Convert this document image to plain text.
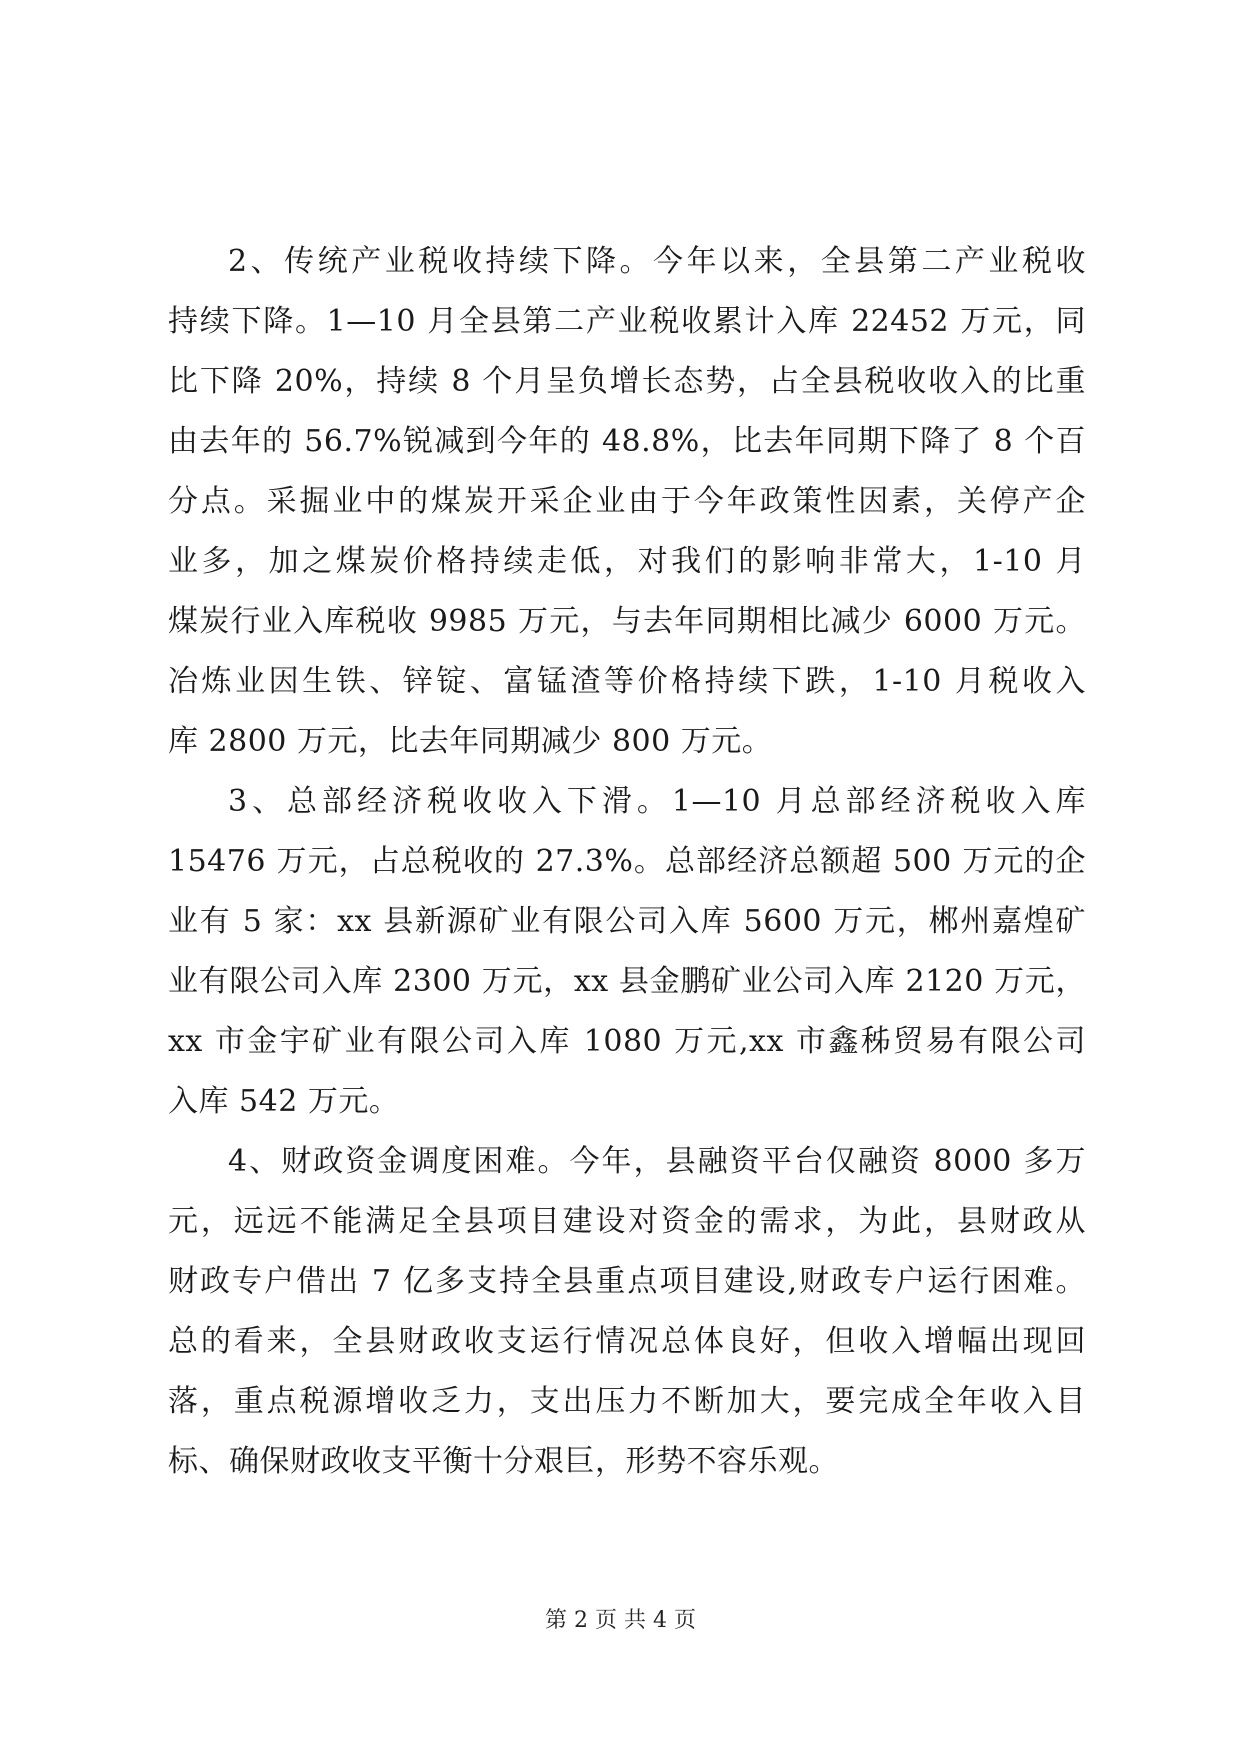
2、传统产业税收持续下降。今年以来，全县第二产业税收
持续下降。1—10 月全县第二产业税收累计入库 22452 万元，同
比下降 20%，持续 8 个月呈负增长态势，占全县税收收入的比重
由去年的 56.7%锐减到今年的 48.8%，比去年同期下降了 8 个百
分点。采掘业中的煤炭开采企业由于今年政策性因素，关停产企
业多，加之煤炭价格持续走低，对我们的影响非常大，1-10 月
煤炭行业入库税收 9985 万元，与去年同期相比减少 6000 万元。
冶炼业因生铁、锌锭、富锰渣等价格持续下跌，1-10 月税收入
库 2800 万元，比去年同期减少 800 万元。
3、总部经济税收收入下滑。1—10 月总部经济税收入库
15476 万元，占总税收的 27.3%。总部经济总额超 500 万元的企
业有 5 家：xx 县新源矿业有限公司入库 5600 万元，郴州嘉煌矿
业有限公司入库 2300 万元，xx 县金鹏矿业公司入库 2120 万元，
xx 市金宇矿业有限公司入库 1080 万元,xx 市鑫秭贸易有限公司
入库 542 万元。
4、财政资金调度困难。今年，县融资平台仅融资 8000 多万
元，远远不能满足全县项目建设对资金的需求，为此，县财政从
财政专户借出 7 亿多支持全县重点项目建设,财政专户运行困难。
总的看来，全县财政收支运行情况总体良好，但收入增幅出现回
落，重点税源增收乏力，支出压力不断加大，要完成全年收入目
标、确保财政收支平衡十分艰巨，形势不容乐观。
第 2 页 共 4 页
